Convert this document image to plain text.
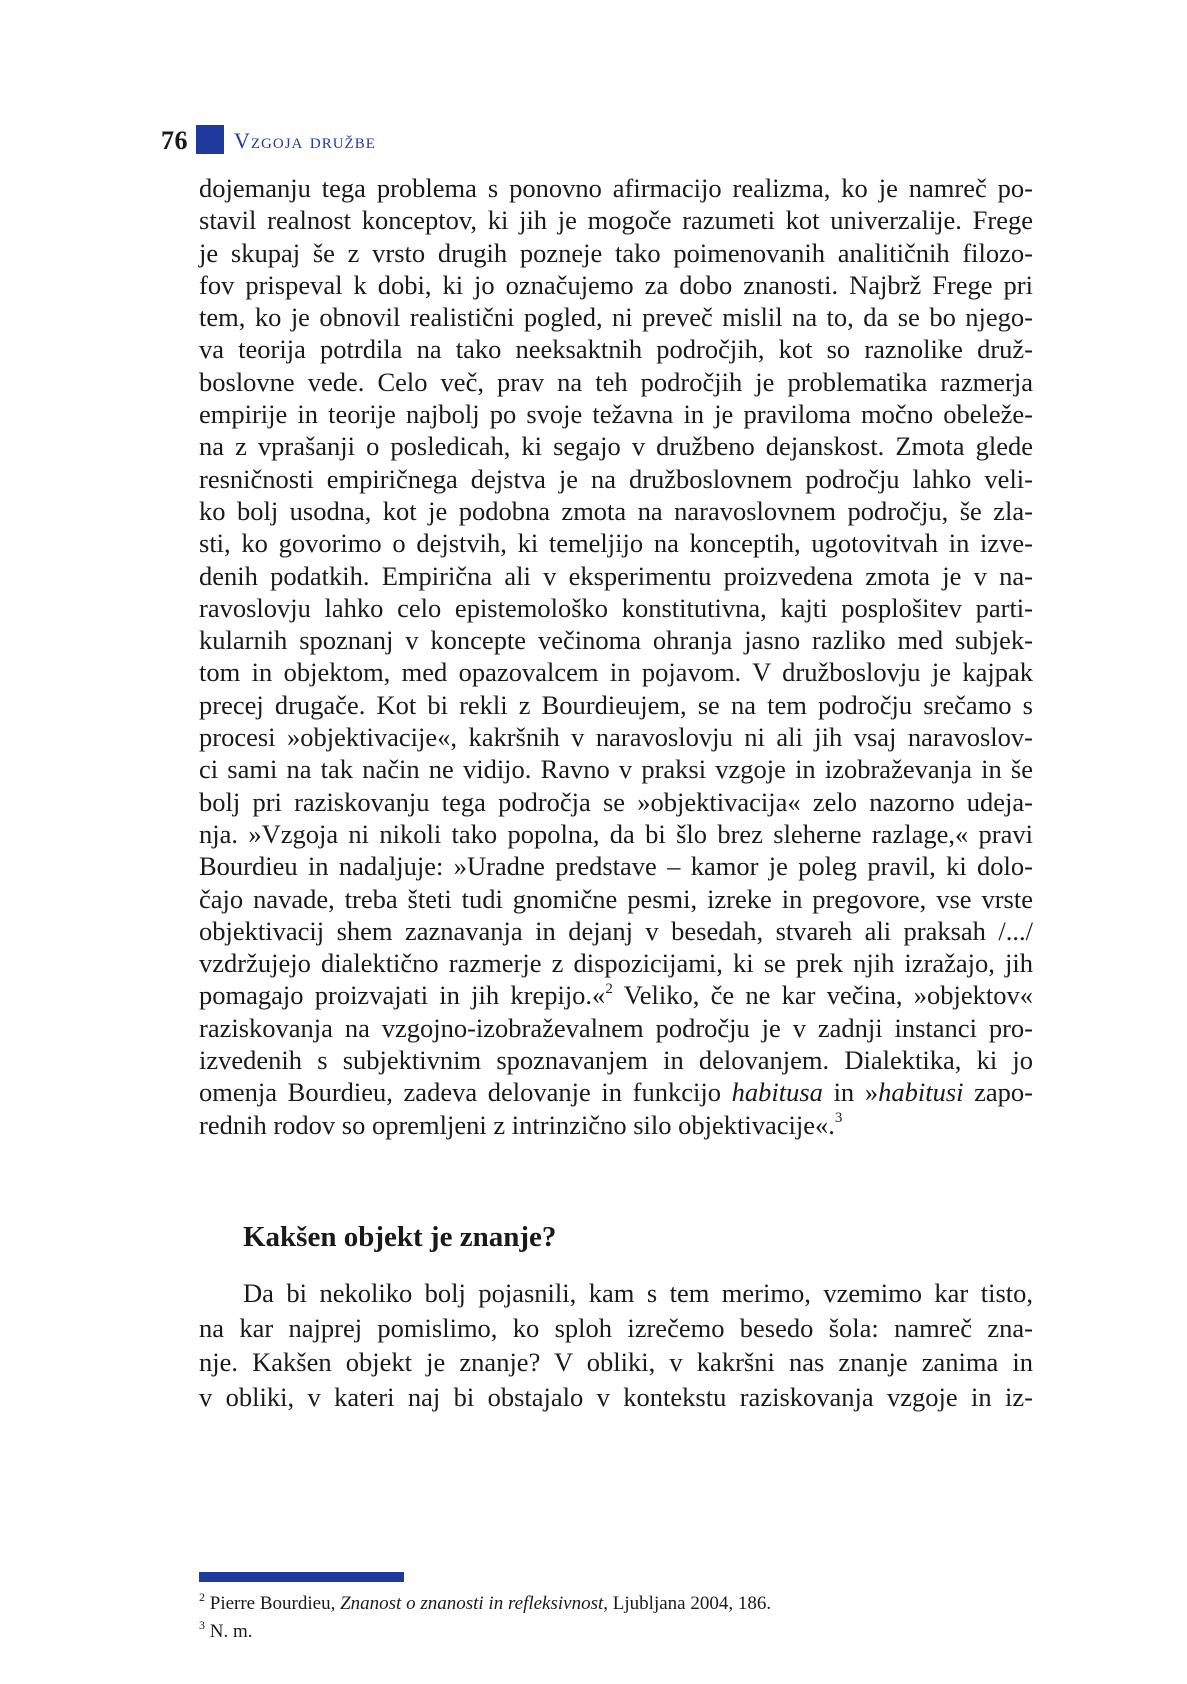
76 Vzgoja družbe
dojemanju tega problema s ponovno afirmacijo realizma, ko je namreč po-
stavil realnost konceptov, ki jih je mogoče razumeti kot univerzalije. Frege
je skupaj še z vrsto drugih pozneje tako poimenovanih analitičnih filozo-
fov prispeval k dobi, ki jo označujemo za dobo znanosti. Najbrž Frege pri
tem, ko je obnovil realistični pogled, ni preveč mislil na to, da se bo njego-
va teorija potrdila na tako neeksaktnih področjih, kot so raznolike druž-
boslovne vede. Celo več, prav na teh področjih je problematika razmerja
empirije in teorije najbolj po svoje težavna in je praviloma močno obeleže-
na z vprašanji o posledicah, ki segajo v družbeno dejanskost. Zmota glede
resničnosti empiričnega dejstva je na družboslovnem področju lahko veli-
ko bolj usodna, kot je podobna zmota na naravoslovnem področju, še zla-
sti, ko govorimo o dejstvih, ki temeljijo na konceptih, ugotovitvah in izve-
denih podatkih. Empirična ali v eksperimentu proizvedena zmota je v na-
ravoslovju lahko celo epistemološko konstitutivna, kajti posplošitev parti-
kularnih spoznanj v koncepte večinoma ohranja jasno razliko med subjek-
tom in objektom, med opazovalcem in pojavom. V družboslovju je kajpak
precej drugače. Kot bi rekli z Bourdieujem, se na tem področju srečamo s
procesi »objektivacije«, kakršnih v naravoslovju ni ali jih vsaj naravoslov-
ci sami na tak način ne vidijo. Ravno v praksi vzgoje in izobraževanja in še
bolj pri raziskovanju tega področja se »objektivacija« zelo nazorno udeja-
nja. »Vzgoja ni nikoli tako popolna, da bi šlo brez sleherne razlage,« pravi
Bourdieu in nadaljuje: »Uradne predstave – kamor je poleg pravil, ki dolo-
čajo navade, treba šteti tudi gnomične pesmi, izreke in pregovore, vse vrste
objektivacij shem zaznavanja in dejanj v besedah, stvareh ali praksah /.../
vzdržujejo dialektično razmerje z dispozicijami, ki se prek njih izražajo, jih
pomagajo proizvajati in jih krepijo.«$^2$ Veliko, če ne kar večina, »objektov«
raziskovanja na vzgojno-izobraževalnem področju je v zadnji instanci pro-
izvedenih s subjektivnim spoznavanjem in delovanjem. Dialektika, ki jo
omenja Bourdieu, zadeva delovanje in funkcijo habitusa in »habitusi zapo-
rednih rodov so opremljeni z intrinzično silo objektivacije«.$^3$
Kakšen objekt je znanje?
Da bi nekoliko bolj pojasnili, kam s tem merimo, vzemimo kar tisto,
na kar najprej pomislimo, ko sploh izrečemo besedo šola: namreč zna-
nje. Kakšen objekt je znanje? V obliki, v kakršni nas znanje zanima in
v obliki, v kateri naj bi obstajalo v kontekstu raziskovanja vzgoje in iz-
$^2$ Pierre Bourdieu, Znanost o znanosti in refleksivnost, Ljubljana 2004, 186.
$^3$ N. m.
